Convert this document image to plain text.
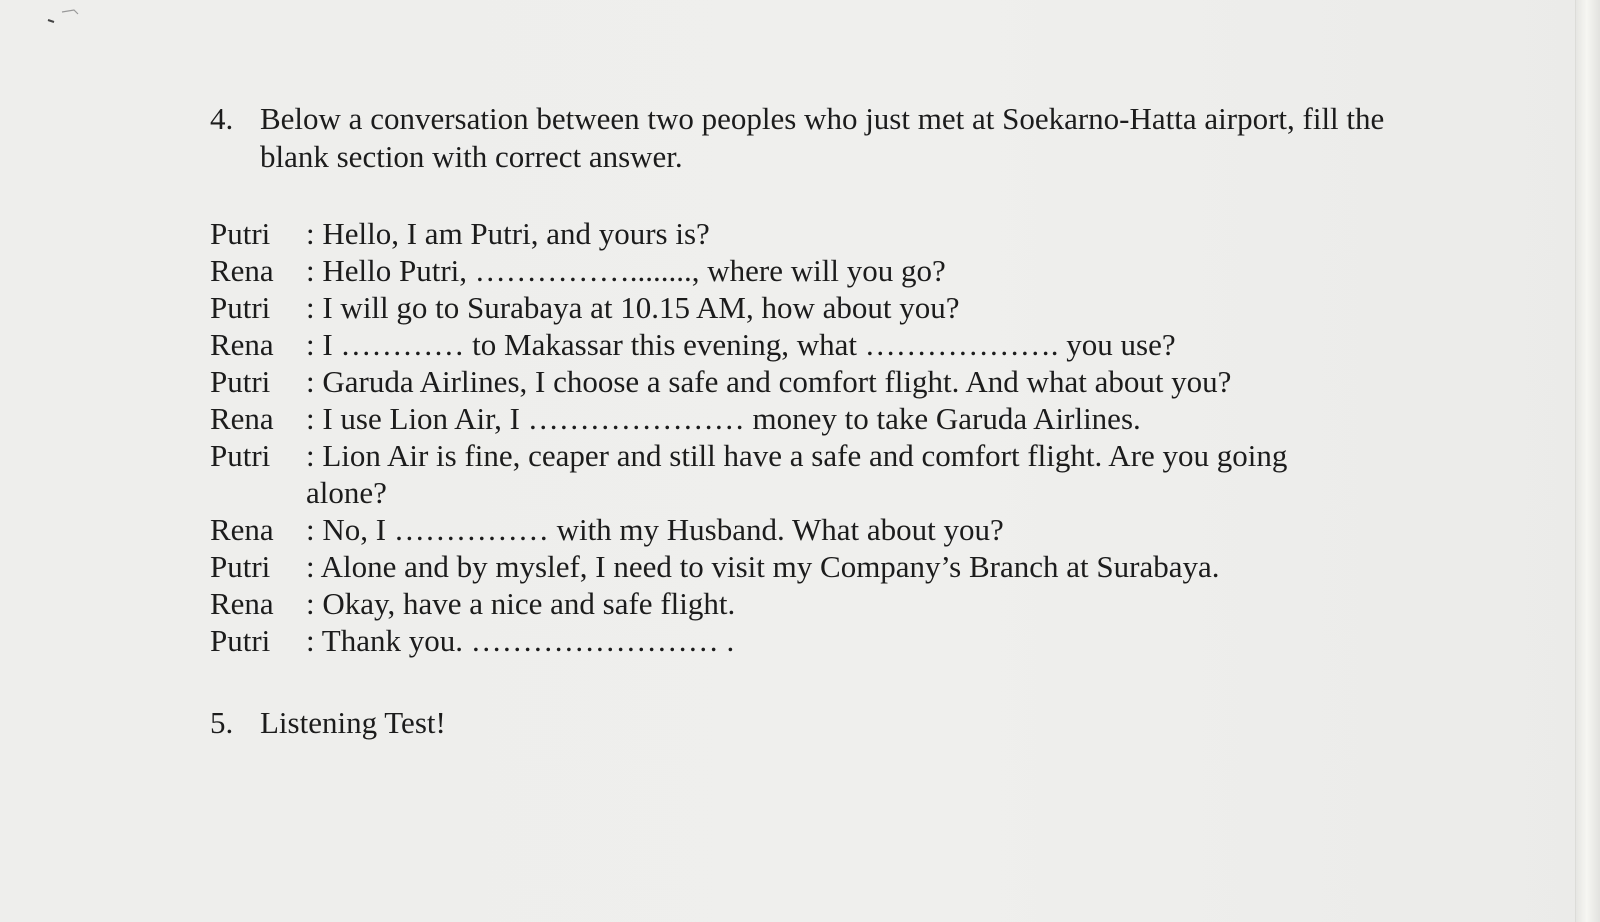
4. Below a conversation between two peoples who just met at Soekarno-Hatta airport, fill the blank section with correct answer.
Putri	: Hello, I am Putri, and yours is?
Rena	: Hello Putri, ……………........, where will you go?
Putri	: I will go to Surabaya at 10.15 AM, how about you?
Rena	: I ………… to Makassar this evening, what ………………. you use?
Putri	: Garuda Airlines, I choose a safe and comfort flight. And what about you?
Rena	: I use Lion Air, I ………………… money to take Garuda Airlines.
Putri	: Lion Air is fine, ceaper and still have a safe and comfort flight. Are you going alone?
Rena	: No, I …………… with my Husband. What about you?
Putri	: Alone and by myslef, I need to visit my Company’s Branch at Surabaya.
Rena	: Okay, have a nice and safe flight.
Putri	: Thank you. …………………… .
5. Listening Test!
